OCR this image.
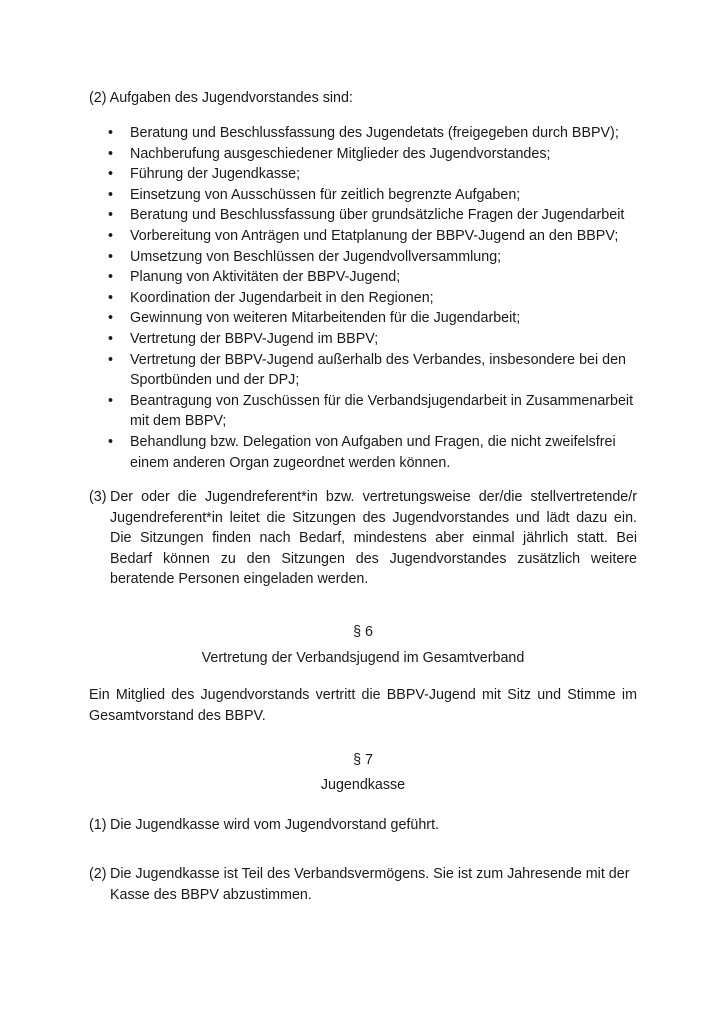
(2) Aufgaben des Jugendvorstandes sind:

• Beratung und Beschlussfassung des Jugendetats (freigegeben durch BBPV);
• Nachberufung ausgeschiedener Mitglieder des Jugendvorstandes;
• Führung der Jugendkasse;
• Einsetzung von Ausschüssen für zeitlich begrenzte Aufgaben;
• Beratung und Beschlussfassung über grundsätzliche Fragen der Jugendarbeit
• Vorbereitung von Anträgen und Etatplanung der BBPV-Jugend an den BBPV;
• Umsetzung von Beschlüssen der Jugendvollversammlung;
• Planung von Aktivitäten der BBPV-Jugend;
• Koordination der Jugendarbeit in den Regionen;
• Gewinnung von weiteren Mitarbeitenden für die Jugendarbeit;
• Vertretung der BBPV-Jugend im BBPV;
• Vertretung der BBPV-Jugend außerhalb des Verbandes, insbesondere bei den Sportbünden und der DPJ;
• Beantragung von Zuschüssen für die Verbandsjugendarbeit in Zusammenarbeit mit dem BBPV;
• Behandlung bzw. Delegation von Aufgaben und Fragen, die nicht zweifelsfrei einem anderen Organ zugeordnet werden können.
(3) Der oder die Jugendreferent*in bzw. vertretungsweise der/die stellvertretende/r Jugendreferent*in leitet die Sitzungen des Jugendvorstandes und lädt dazu ein. Die Sitzungen finden nach Bedarf, mindestens aber einmal jährlich statt. Bei Bedarf können zu den Sitzungen des Jugendvorstandes zusätzlich weitere beratende Personen eingeladen werden.
§ 6
Vertretung der Verbandsjugend im Gesamtverband
Ein Mitglied des Jugendvorstands vertritt die BBPV-Jugend mit Sitz und Stimme im Gesamtvorstand des BBPV.
§ 7
Jugendkasse
(1) Die Jugendkasse wird vom Jugendvorstand geführt.
(2) Die Jugendkasse ist Teil des Verbandsvermögens. Sie ist zum Jahresende mit der Kasse des BBPV abzustimmen.
